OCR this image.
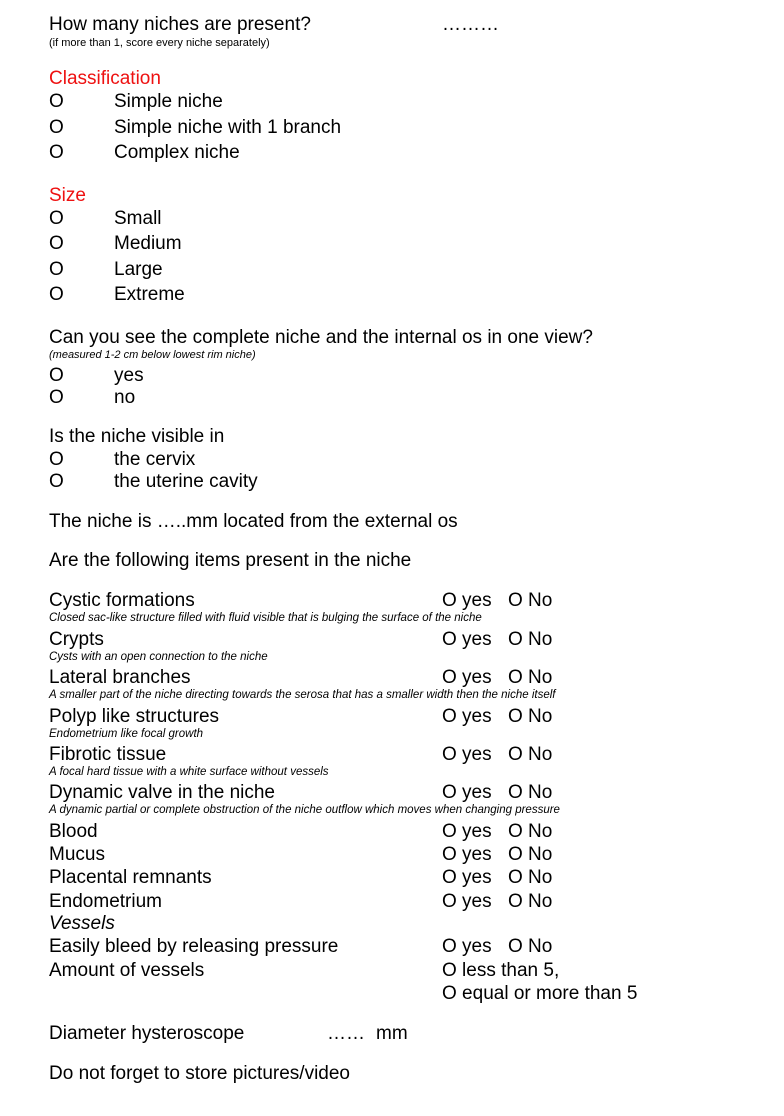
How many niches are present?	………
(if more than 1, score every niche separately)
Classification
O	Simple niche
O	Simple niche with 1 branch
O	Complex niche
Size
O	Small
O	Medium
O	Large
O	Extreme
Can you see the complete niche and the internal os in one view?
(measured 1-2 cm below lowest rim niche)
O	yes
O	no
Is the niche visible in
O	the cervix
O	the uterine cavity
The niche is …..mm located from the external os
Are the following items present in the niche
Cystic formations	O yes O No
Closed sac-like structure filled with fluid visible that is bulging the surface of the niche
Crypts	O yes O No
Cysts with an open connection to the niche
Lateral branches	O yes O No
A smaller part of the niche directing towards the serosa that has a smaller width then the niche itself
Polyp like structures	O yes O No
Endometrium like focal growth
Fibrotic tissue	O yes O No
A focal hard tissue with a white surface without vessels
Dynamic valve in the niche	O yes O No
A dynamic partial or complete obstruction of the niche outflow which moves when changing pressure
Blood	O yes O No
Mucus	O yes O No
Placental remnants	O yes O No
Endometrium	O yes O No
Vessels
Easily bleed by releasing pressure	O yes O No
Amount of vessels	O less than 5,
O equal or more than 5
Diameter hysteroscope	…… mm
Do not forget to store pictures/video
